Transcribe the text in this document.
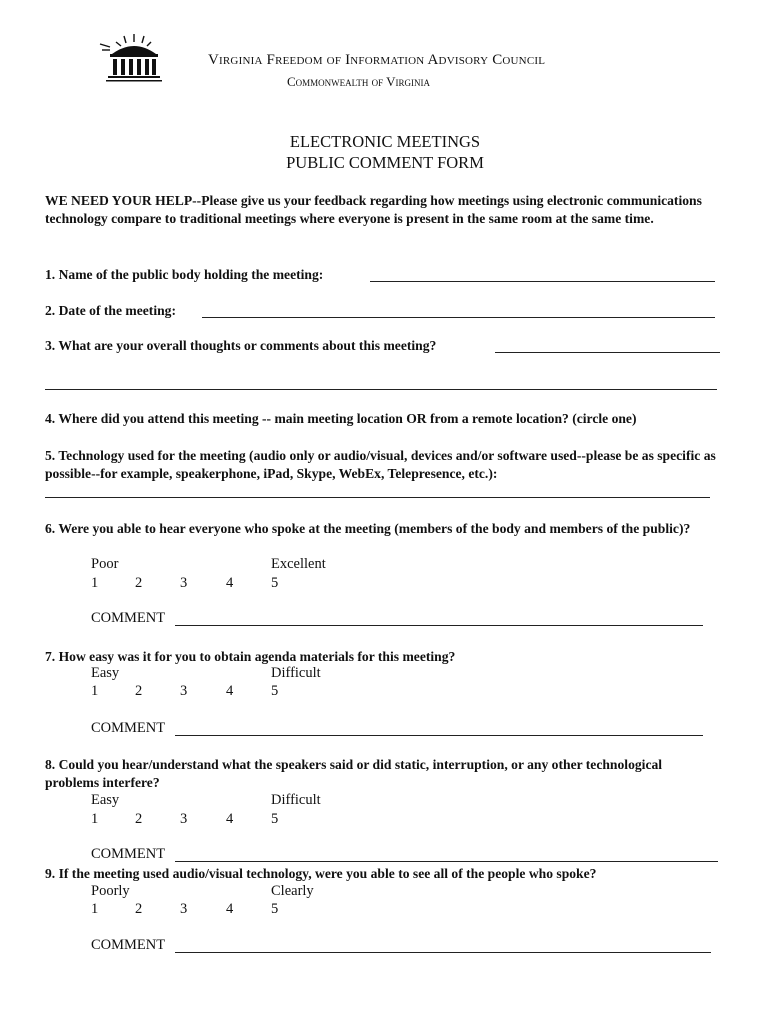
Virginia Freedom of Information Advisory Council
Commonwealth of Virginia
ELECTRONIC MEETINGS
PUBLIC COMMENT FORM
WE NEED YOUR HELP--Please give us your feedback regarding how meetings using electronic communications technology compare to traditional meetings where everyone is present in the same room at the same time.
1. Name of the public body holding the meeting:
2. Date of the meeting:
3. What are your overall thoughts or comments about this meeting?
4. Where did you attend this meeting -- main meeting location OR from a remote location? (circle one)
5. Technology used for the meeting (audio only or audio/visual, devices and/or software used--please be as specific as possible--for example, speakerphone, iPad, Skype, WebEx, Telepresence, etc.):
6. Were you able to hear everyone who spoke at the meeting (members of the body and members of the public)?
Poor	Excellent
1	2	3	4	5
COMMENT
7. How easy was it for you to obtain agenda materials for this meeting?
Easy	Difficult
1	2	3	4	5
COMMENT
8. Could you hear/understand what the speakers said or did static, interruption, or any other technological problems interfere?
Easy	Difficult
1	2	3	4	5
COMMENT
9. If the meeting used audio/visual technology, were you able to see all of the people who spoke?
Poorly	Clearly
1	2	3	4	5
COMMENT
